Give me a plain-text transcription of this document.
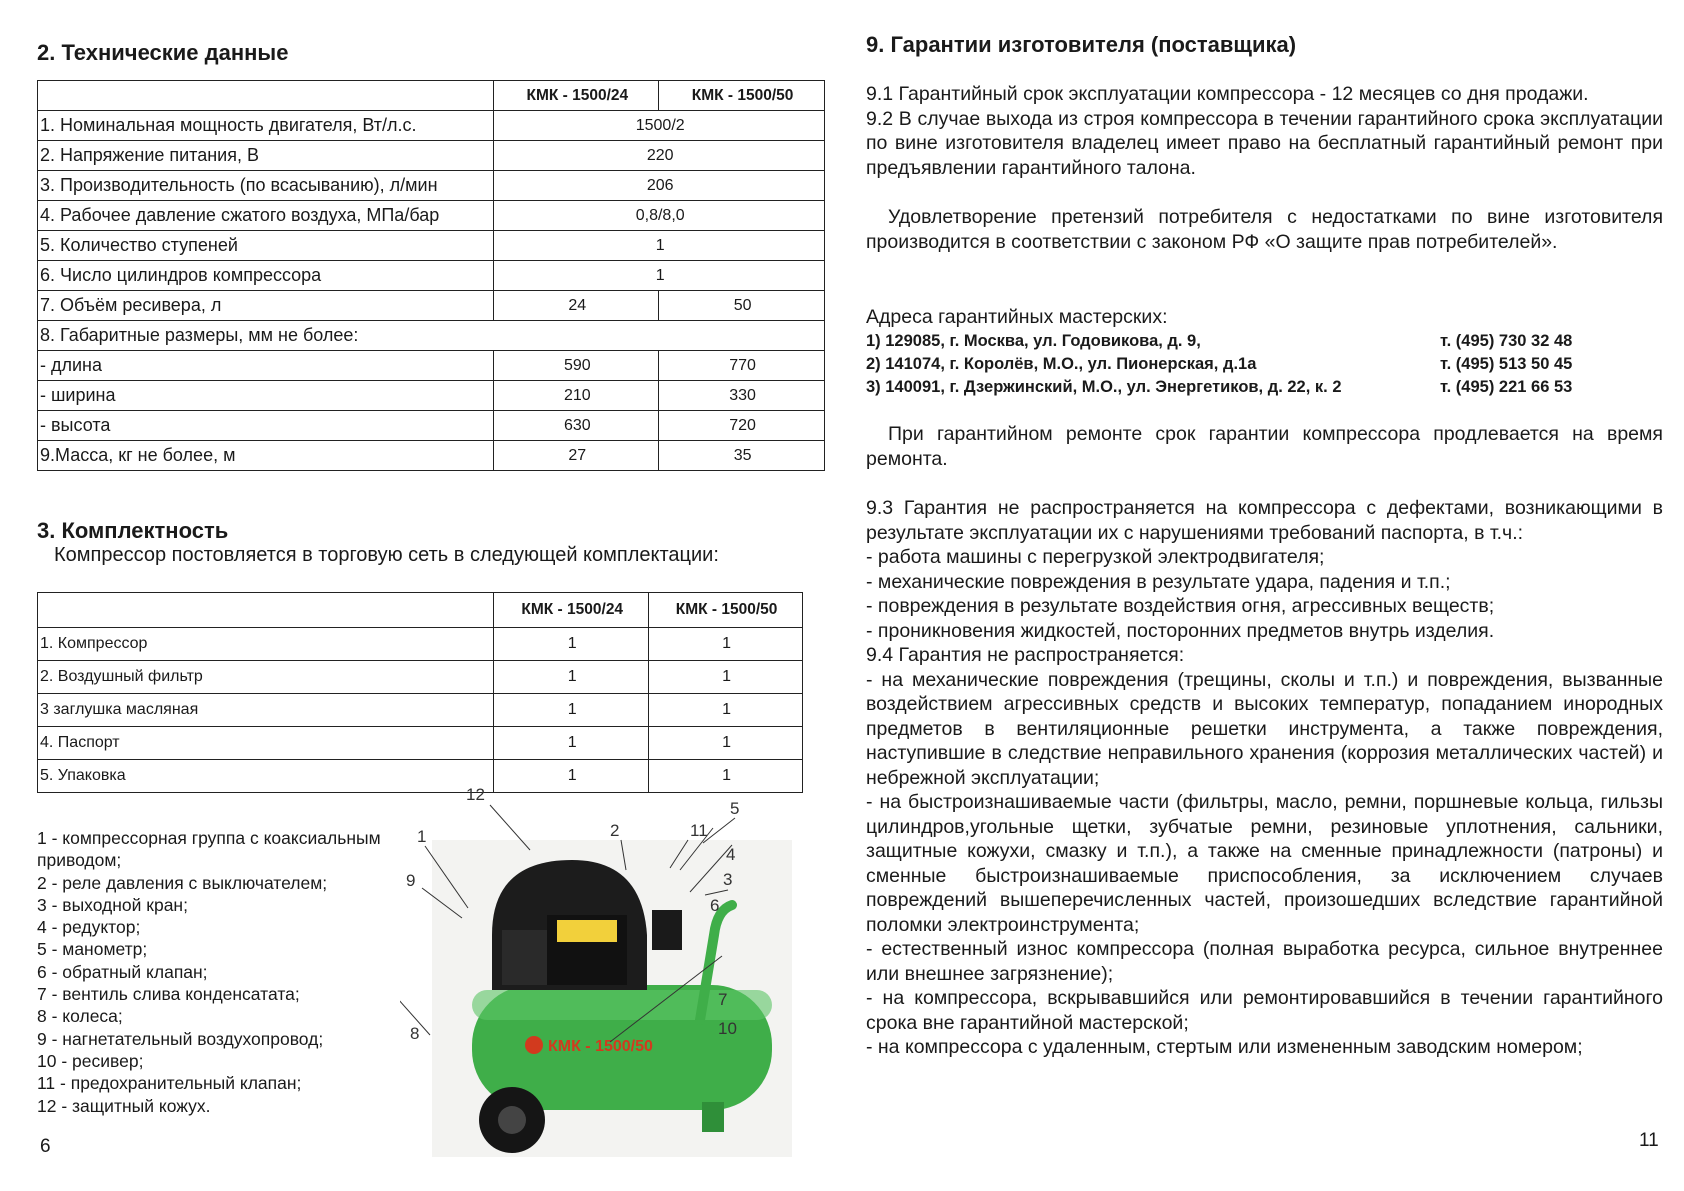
2. Технические данные
	КМК - 1500/24	КМК - 1500/50
1. Номинальная мощность двигателя, Вт/л.с.	1500/2	
2. Напряжение питания, В	220	
3. Производительность (по всасыванию), л/мин	206	
4. Рабочее давление сжатого воздуха, МПа/бар	0,8/8,0	
5. Количество ступеней	1	
6. Число цилиндров компрессора	1	
7. Объём ресивера, л	24	50
8. Габаритные размеры, мм не более:		
- длина	590	770
- ширина	210	330
- высота	630	720
9.Масса, кг не более, м	27	35
3. Комплектность
Компрессор постовляется в торговую сеть в следующей комплектации:
	КМК - 1500/24	КМК - 1500/50
1. Компрессор	1	1
2. Воздушный фильтр	1	1
3 заглушка масляная	1	1
4. Паспорт	1	1
5. Упаковка	1	1
1 - компрессорная группа с коаксиальным приводом;
2 - реле давления с выключателем;
3 - выходной кран;
4 - редуктор;
5 - манометр;
6 - обратный клапан;
7 - вентиль слива конденсатата;
8 - колеса;
9 - нагнетательный воздухопровод;
10 - ресивер;
11 - предохранительный клапан;
12 - защитный кожух.
КМК - 1500/50
1	2
3
4
5
6
7
8
9
10
11
12
6
9. Гарантии изготовителя (поставщика)

9.1 Гарантийный срок эксплуатации компрессора - 12 месяцев со дня продажи.

9.2 В случае выхода из строя компрессора в течении гарантийного срока эксплуатации по вине изготовителя владелец имеет право на бесплатный гарантийный ремонт при предъявлении гарантийного талона.

Удовлетворение претензий потребителя с недостатками по вине изготовителя производится в соответствии с законом РФ «О защите прав потребителей».

Адреса гарантийных мастерских:
1) 129085, г. Москва, ул. Годовикова, д. 9,	т. (495) 730 32 48
2) 141074, г. Королёв, М.О., ул. Пионерская, д.1а	т. (495) 513 50 45
3) 140091, г. Дзержинский, М.О., ул. Энергетиков, д. 22, к. 2	т. (495) 221 66 53

При гарантийном ремонте срок гарантии компрессора продлевается на время ремонта.

9.3 Гарантия не распространяется на компрессора с дефектами, возникающими в результате эксплуатации их с нарушениями требований паспорта, в т.ч.:

- работа машины с перегрузкой электродвигателя;

- механические повреждения в результате удара, падения и т.п.;

- повреждения в результате воздействия огня, агрессивных веществ;

- проникновения жидкостей, посторонних предметов внутрь изделия.

9.4 Гарантия не распространяется:

- на механические повреждения (трещины, сколы и т.п.) и повреждения, вызванные воздействием агрессивных средств и высоких температур, попаданием инородных предметов в вентиляционные решетки инструмента, а также повреждения, наступившие в следствие неправильного хранения (коррозия металлических частей) и небрежной эксплуатации;

- на быстроизнашиваемые части (фильтры, масло, ремни, поршневые кольца, гильзы цилиндров,угольные щетки, зубчатые ремни, резиновые уплотнения, сальники, защитные кожухи, смазку и т.п.), а также на сменные принадлежности (патроны) и сменные быстроизнашиваемые приспособления, за исключением случаев повреждений вышеперечисленных частей, произошедших вследствие гарантийной поломки электроинструмента;

- естественный износ компрессора (полная выработка ресурса, сильное внутреннее или внешнее загрязнение);

- на компрессора, вскрывавшийся или ремонтировавшийся в течении гарантийного срока вне гарантийной мастерской;

- на компрессора с удаленным, стертым или измененным заводским номером;

11
